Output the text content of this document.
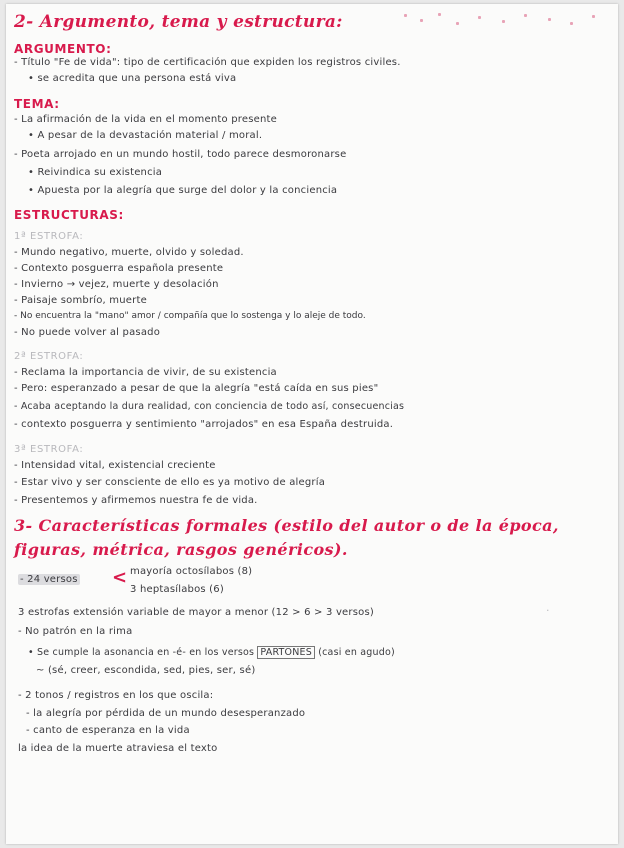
2- Argumento, tema y estructura:
ARGUMENTO:
- Título "Fe de vida": tipo de certificación que expiden los registros civiles.
• se acredita que una persona está viva
TEMA:
- La afirmación de la vida en el momento presente
• A pesar de la devastación material / moral.
- Poeta arrojado en un mundo hostil, todo parece desmoronarse
• Reivindica su existencia
• Apuesta por la alegría que surge del dolor y la conciencia
ESTRUCTURAS:
1ª ESTROFA:
- Mundo negativo, muerte, olvido y soledad.
- Contexto posguerra española presente
- Invierno → vejez, muerte y desolación
- Paisaje sombrío, muerte
- No encuentra la "mano" amor / compañía que lo sostenga y lo aleje de todo.
- No puede volver al pasado
2ª ESTROFA:
- Reclama la importancia de vivir, de su existencia
- Pero: esperanzado a pesar de que la alegría "está caída en sus pies"
- Acaba aceptando la dura realidad, con conciencia de todo así, consecuencias
- contexto posguerra y sentimiento "arrojados" en esa España destruida.
3ª ESTROFA:
- Intensidad vital, existencial creciente
- Estar vivo y ser consciente de ello es ya motivo de alegría
- Presentemos y afirmemos nuestra fe de vida.
3- Características formales (estilo del autor o de la época,
figuras, métrica, rasgos genéricos).
- 24 versos < mayoría octosílabos (8)
3 heptasílabos (6)
3 estrofas extensión variable de mayor a menor (12 > 6 > 3 versos)	·
- No patrón en la rima
• Se cumple la asonancia en -é- en los versos PARTONES (casi en agudo)
~ (sé, creer, escondida, sed, pies, ser, sé)
- 2 tonos / registros en los que oscila:
- la alegría por pérdida de un mundo desesperanzado
- canto de esperanza en la vida
la idea de la muerte atraviesa el texto
